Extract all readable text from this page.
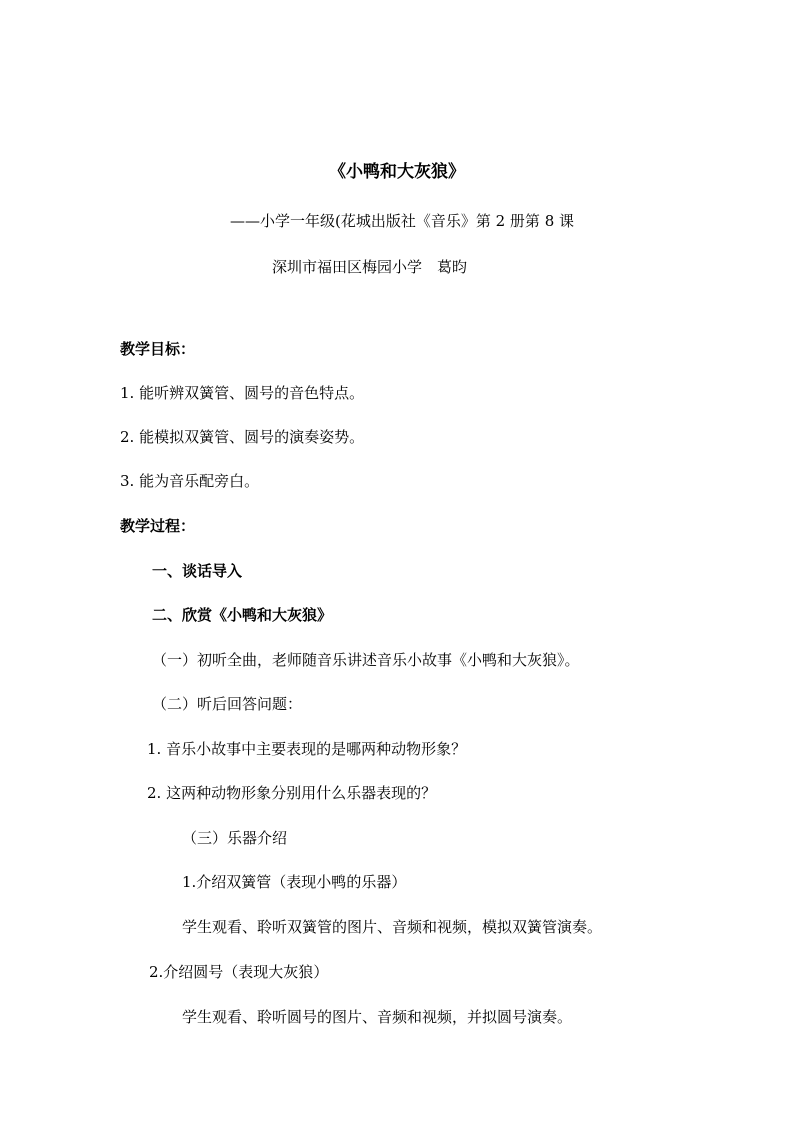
《小鸭和大灰狼》
——小学一年级(花城出版社《音乐》第 2 册第 8 课
深圳市福田区梅园小学　葛昀
教学目标：
1. 能听辨双簧管、圆号的音色特点。
2. 能模拟双簧管、圆号的演奏姿势。
3. 能为音乐配旁白。
教学过程：
一、谈话导入
二、欣赏《小鸭和大灰狼》
（一）初听全曲，老师随音乐讲述音乐小故事《小鸭和大灰狼》。
（二）听后回答问题：
1. 音乐小故事中主要表现的是哪两种动物形象？
2. 这两种动物形象分别用什么乐器表现的？
（三）乐器介绍
1.介绍双簧管（表现小鸭的乐器）
学生观看、聆听双簧管的图片、音频和视频，模拟双簧管演奏。
2.介绍圆号（表现大灰狼）
学生观看、聆听圆号的图片、音频和视频，并拟圆号演奏。
